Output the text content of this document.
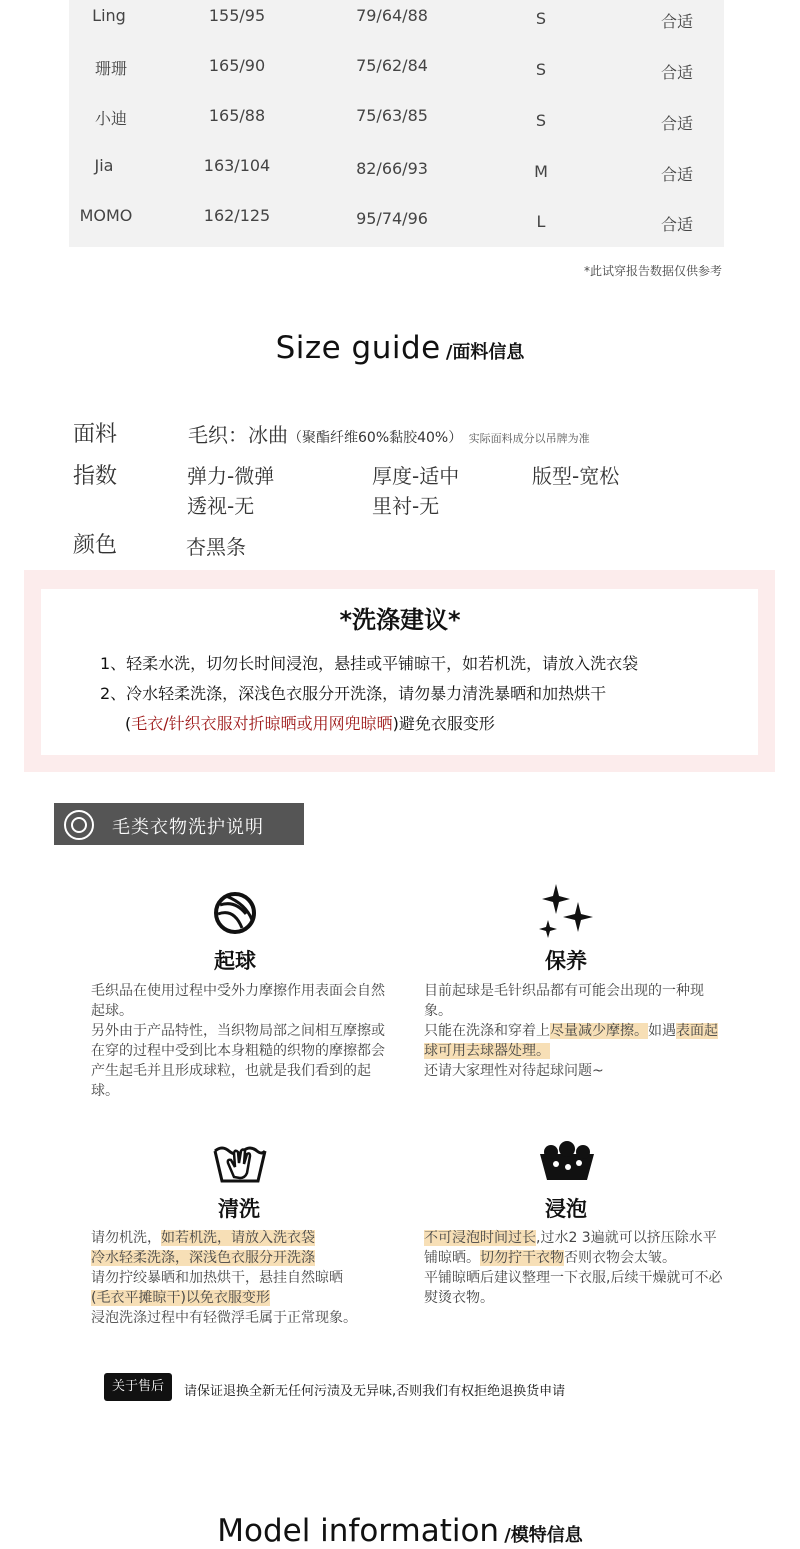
Ling	155/95	79/64/88	S	合适
珊珊	165/90	75/62/84	S	合适
小迪	165/88	75/63/85	S	合适
Jia	163/104	82/66/93	M	合适
MOMO	162/125	95/74/96	L	合适
*此试穿报告数据仅供参考
Size guide /面料信息
面料	毛织：冰曲（聚酯纤维60%黏胶40%） 实际面料成分以吊牌为准
指数	弹力-微弹	厚度-适中	版型-宽松
透视-无	里衬-无
颜色	杏黑条
*洗涤建议*
1、轻柔水洗，切勿长时间浸泡，悬挂或平铺晾干，如若机洗，请放入洗衣袋
2、冷水轻柔洗涤，深浅色衣服分开洗涤，请勿暴力清洗暴晒和加热烘干
(毛衣/针织衣服对折晾晒或用网兜晾晒)避免衣服变形
毛类衣物洗护说明
起球

毛织品在使用过程中受外力摩擦作用表面会自然起球。

另外由于产品特性，当织物局部之间相互摩擦或在穿的过程中受到比本身粗糙的织物的摩擦都会产生起毛并且形成球粒，也就是我们看到的起球。

保养

目前起球是毛针织品都有可能会出现的一种现象。

只能在洗涤和穿着上尽量减少摩擦。如遇表面起球可用去球器处理。

还请大家理性对待起球问题~

清洗

请勿机洗，如若机洗，请放入洗衣袋

冷水轻柔洗涤，深浅色衣服分开洗涤

请勿拧绞暴晒和加热烘干，悬挂自然晾晒

(毛衣平摊晾干)以免衣服变形

浸泡洗涤过程中有轻微浮毛属于正常现象。

浸泡

不可浸泡时间过长,过水2 3遍就可以挤压除水平铺晾晒。切勿拧干衣物否则衣物会太皱。

平铺晾晒后建议整理一下衣服,后续干燥就可不必熨烫衣物。

关于售后	请保证退换全新无任何污渍及无异味,否则我们有权拒绝退换货申请
Model information /模特信息
